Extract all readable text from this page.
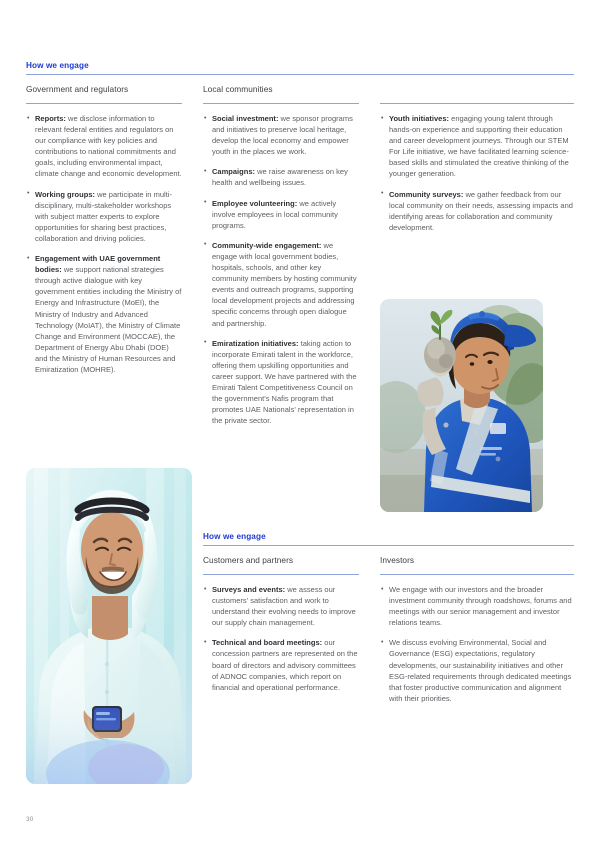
How we engage
Government and regulators
• Reports: we disclose information to relevant federal entities and regulators on our compliance with key policies and contributions to national commitments and goals, including environmental impact, climate change and economic development.
• Working groups: we participate in multi-disciplinary, multi-stakeholder workshops with subject matter experts to explore opportunities for sharing best practices, collaboration and driving policies.
• Engagement with UAE government bodies: we support national strategies through active dialogue with key government entities including the Ministry of Energy and Infrastructure (MoEI), the Ministry of Industry and Advanced Technology (MoIAT), the Ministry of Climate Change and Environment (MOCCAE), the Department of Energy Abu Dhabi (DOE) and the Ministry of Human Resources and Emiratization (MOHRE).
Local communities
• Social investment: we sponsor programs and initiatives to preserve local heritage, develop the local economy and empower youth in the places we work.
• Campaigns: we raise awareness on key health and wellbeing issues.
• Employee volunteering: we actively involve employees in local community programs.
• Community-wide engagement: we engage with local government bodies, hospitals, schools, and other key community members by hosting community events and outreach programs, supporting local development projects and addressing specific concerns through open dialogue and partnership.
• Emiratization initiatives: taking action to incorporate Emirati talent in the workforce, offering them upskilling opportunities and career support. We have partnered with the Emirati Talent Competitiveness Council on the government's Nafis program that promotes UAE Nationals' representation in the private sector.
• Youth initiatives: engaging young talent through hands-on experience and supporting their education and career development journeys. Through our STEM For Life initiative, we have facilitated learning science-based skills and stimulated the creative thinking of the younger generation.
• Community surveys: we gather feedback from our local community on their needs, assessing impacts and identifying areas for collaboration and community development.
How we engage
Customers and partners
• Surveys and events: we assess our customers' satisfaction and work to understand their evolving needs to improve our supply chain management.
• Technical and board meetings: our concession partners are represented on the board of directors and advisory committees of ADNOC companies, which report on financial and operational performance.
Investors
• We engage with our investors and the broader investment community through roadshows, forums and meetings with our senior management and investor relations teams.
• We discuss evolving Environmental, Social and Governance (ESG) expectations, regulatory developments, our sustainability initiatives and other ESG-related requirements through dedicated meetings that foster productive communication and alignment with their priorities.
30
